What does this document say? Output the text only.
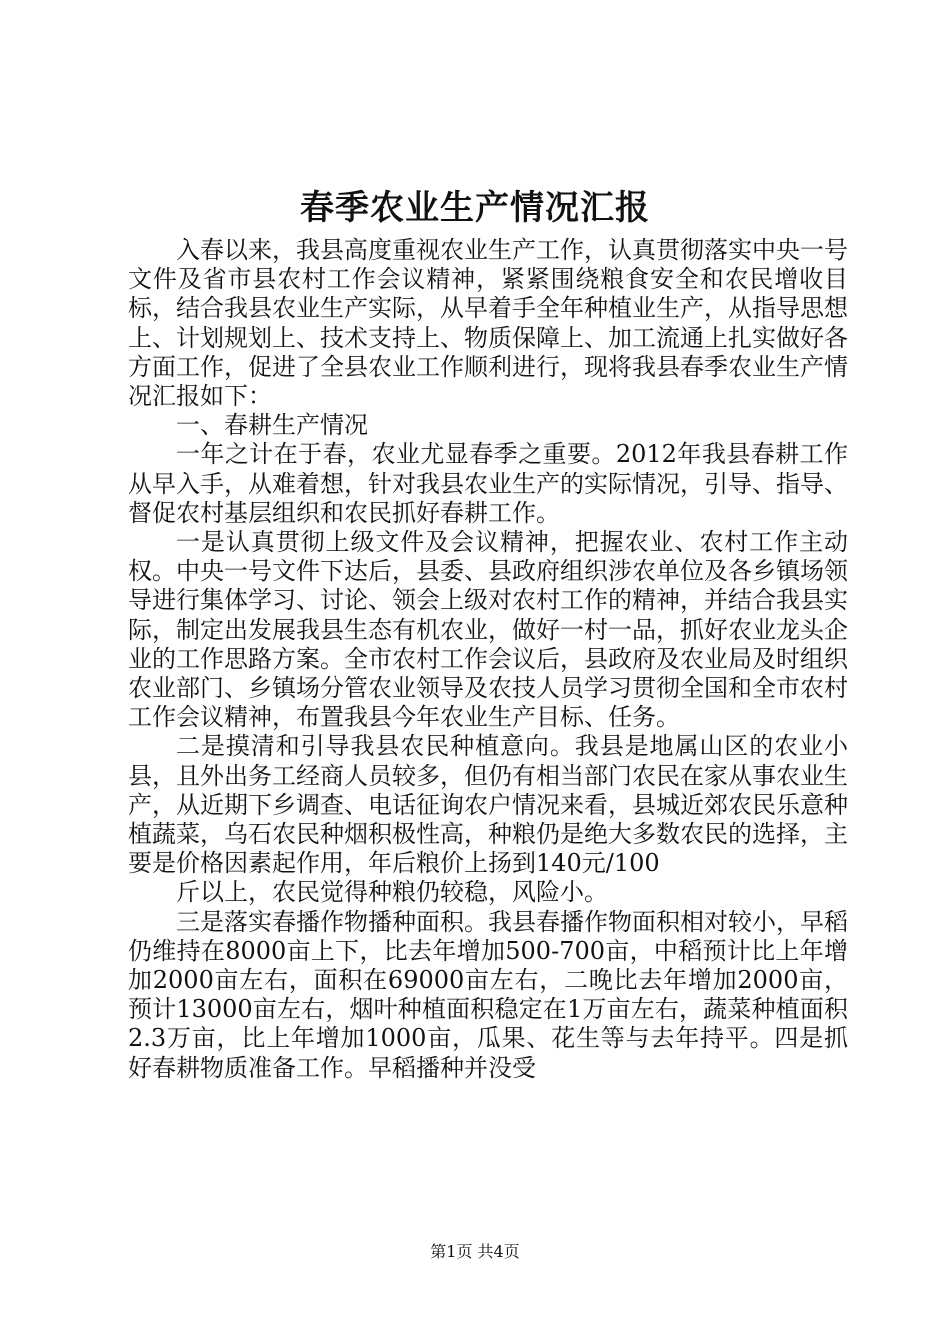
春季农业生产情况汇报

入春以来，我县高度重视农业生产工作，认真贯彻落实中央一号文件及省市县农村工作会议精神，紧紧围绕粮食安全和农民增收目标，结合我县农业生产实际，从早着手全年种植业生产，从指导思想上、计划规划上、技术支持上、物质保障上、加工流通上扎实做好各方面工作，促进了全县农业工作顺利进行，现将我县春季农业生产情况汇报如下：

一、春耕生产情况

一年之计在于春，农业尤显春季之重要。2012年我县春耕工作从早入手，从难着想，针对我县农业生产的实际情况，引导、指导、督促农村基层组织和农民抓好春耕工作。

一是认真贯彻上级文件及会议精神，把握农业、农村工作主动权。中央一号文件下达后，县委、县政府组织涉农单位及各乡镇场领导进行集体学习、讨论、领会上级对农村工作的精神，并结合我县实际，制定出发展我县生态有机农业，做好一村一品，抓好农业龙头企业的工作思路方案。全市农村工作会议后，县政府及农业局及时组织农业部门、乡镇场分管农业领导及农技人员学习贯彻全国和全市农村工作会议精神，布置我县今年农业生产目标、任务。

二是摸清和引导我县农民种植意向。我县是地属山区的农业小县，且外出务工经商人员较多，但仍有相当部门农民在家从事农业生产，从近期下乡调查、电话征询农户情况来看，县城近郊农民乐意种植蔬菜，乌石农民种烟积极性高，种粮仍是绝大多数农民的选择，主要是价格因素起作用，年后粮价上扬到140元/100

斤以上，农民觉得种粮仍较稳，风险小。

三是落实春播作物播种面积。我县春播作物面积相对较小，早稻仍维持在8000亩上下，比去年增加500-700亩，中稻预计比上年增加2000亩左右，面积在69000亩左右，二晚比去年增加2000亩，预计13000亩左右，烟叶种植面积稳定在1万亩左右，蔬菜种植面积2.3万亩，比上年增加1000亩，瓜果、花生等与去年持平。四是抓好春耕物质准备工作。早稻播种并没受

第1页 共4页
